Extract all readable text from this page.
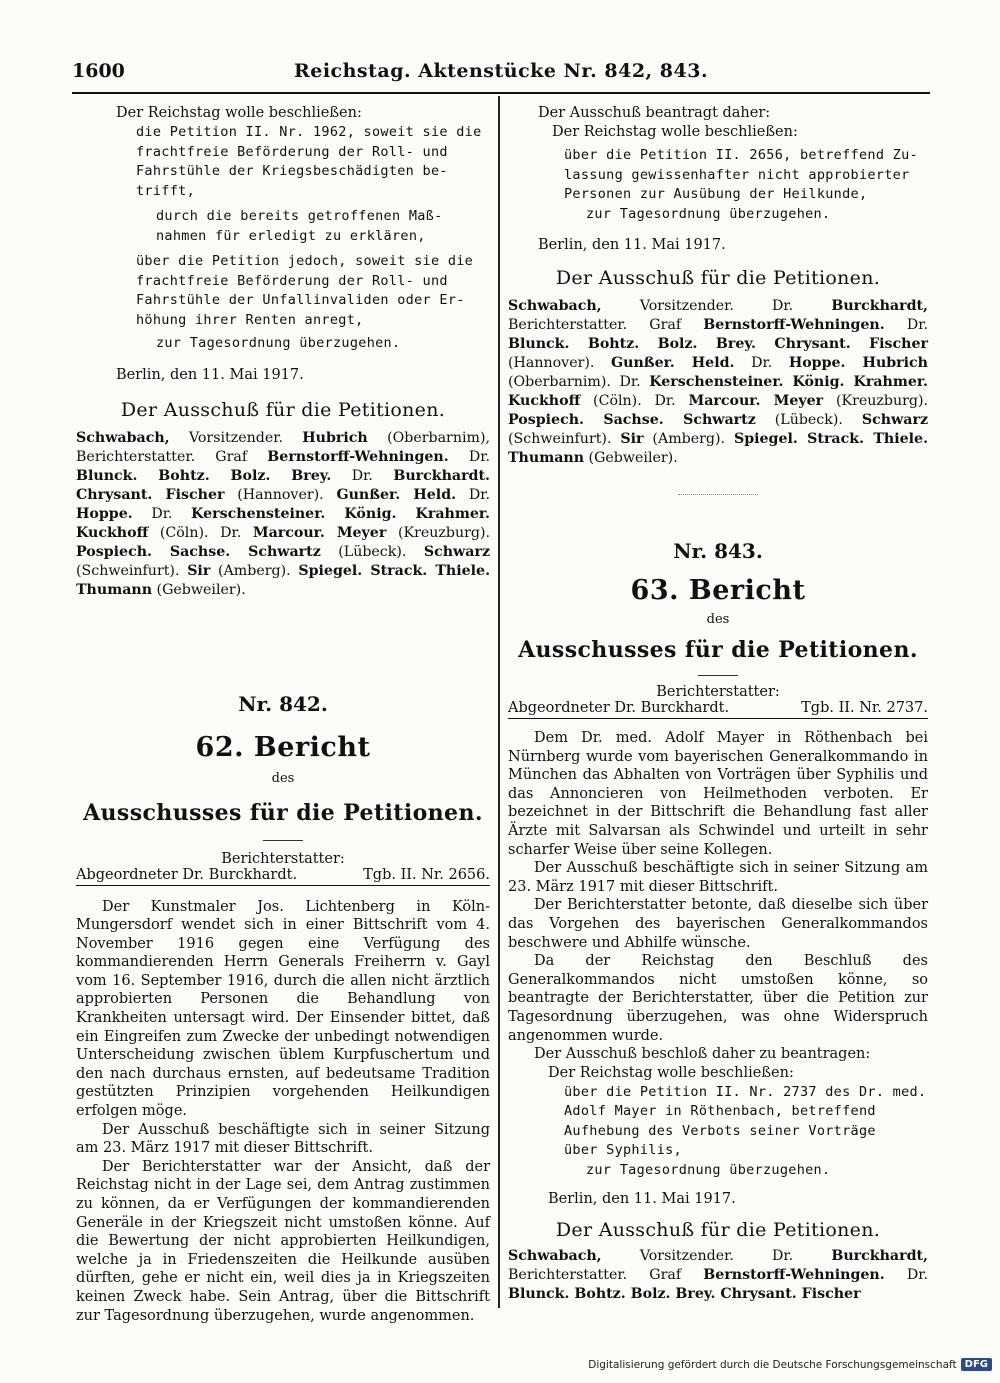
1600	Reichstag. Aktenstücke Nr. 842, 843.

Der Reichstag wolle beschließen:

die Petition II. Nr. 1962, soweit sie die
frachtfreie Beförderung der Roll- und
Fahrstühle der Kriegsbeschädigten be-
trifft,
durch die bereits getroffenen Maß-
nahmen für erledigt zu erklären,
über die Petition jedoch, soweit sie die
frachtfreie Beförderung der Roll- und
Fahrstühle der Unfallinvaliden oder Er-
höhung ihrer Renten anregt,
zur Tagesordnung überzugehen.

Berlin, den 11. Mai 1917.

Der Ausschuß für die Petitionen.

Schwabach, Vorsitzender. Hubrich (Oberbarnim), Berichterstatter. Graf Bernstorff-Wehningen. Dr. Blunck. Bohtz. Bolz. Brey. Dr. Burckhardt. Chrysant. Fischer (Hannover). Gunßer. Held. Dr. Hoppe. Dr. Kerschensteiner. König. Krahmer. Kuckhoff (Cöln). Dr. Marcour. Meyer (Kreuzburg). Pospiech. Sachse. Schwartz (Lübeck). Schwarz (Schweinfurt). Sir (Amberg). Spiegel. Strack. Thiele. Thumann (Gebweiler).

Nr. 842.

62. Bericht

des

Ausschusses für die Petitionen.

Berichterstatter:

Abgeordneter Dr. Burckhardt.	Tgb. II. Nr. 2656.

Der Kunstmaler Jos. Lichtenberg in Köln-Mungersdorf wendet sich in einer Bittschrift vom 4. November 1916 gegen eine Verfügung des kommandierenden Herrn Generals Freiherrn v. Gayl vom 16. September 1916, durch die allen nicht ärztlich approbierten Personen die Behandlung von Krankheiten untersagt wird. Der Einsender bittet, daß ein Eingreifen zum Zwecke der unbedingt notwendigen Unterscheidung zwischen üblem Kurpfuschertum und den nach durchaus ernsten, auf bedeutsame Tradition gestützten Prinzipien vorgehenden Heilkundigen erfolgen möge.

Der Ausschuß beschäftigte sich in seiner Sitzung am 23. März 1917 mit dieser Bittschrift.

Der Berichterstatter war der Ansicht, daß der Reichstag nicht in der Lage sei, dem Antrag zustimmen zu können, da er Verfügungen der kommandierenden Generäle in der Kriegszeit nicht umstoßen könne. Auf die Bewertung der nicht approbierten Heilkundigen, welche ja in Friedenszeiten die Heilkunde ausüben dürften, gehe er nicht ein, weil dies ja in Kriegszeiten keinen Zweck habe. Sein Antrag, über die Bittschrift zur Tagesordnung überzugehen, wurde angenommen.

Der Ausschuß beantragt daher:

Der Reichstag wolle beschließen:

über die Petition II. 2656, betreffend Zu-
lassung gewissenhafter nicht approbierter
Personen zur Ausübung der Heilkunde,
zur Tagesordnung überzugehen.

Berlin, den 11. Mai 1917.

Der Ausschuß für die Petitionen.

Schwabach, Vorsitzender. Dr. Burckhardt, Berichterstatter. Graf Bernstorff-Wehningen. Dr. Blunck. Bohtz. Bolz. Brey. Chrysant. Fischer (Hannover). Gunßer. Held. Dr. Hoppe. Hubrich (Oberbarnim). Dr. Kerschensteiner. König. Krahmer. Kuckhoff (Cöln). Dr. Marcour. Meyer (Kreuzburg). Pospiech. Sachse. Schwartz (Lübeck). Schwarz (Schweinfurt). Sir (Amberg). Spiegel. Strack. Thiele. Thumann (Gebweiler).

Nr. 843.

63. Bericht

des

Ausschusses für die Petitionen.

Berichterstatter:

Abgeordneter Dr. Burckhardt.	Tgb. II. Nr. 2737.

Dem Dr. med. Adolf Mayer in Röthenbach bei Nürnberg wurde vom bayerischen Generalkommando in München das Abhalten von Vorträgen über Syphilis und das Annoncieren von Heilmethoden verboten. Er bezeichnet in der Bittschrift die Behandlung fast aller Ärzte mit Salvarsan als Schwindel und urteilt in sehr scharfer Weise über seine Kollegen.

Der Ausschuß beschäftigte sich in seiner Sitzung am 23. März 1917 mit dieser Bittschrift.

Der Berichterstatter betonte, daß dieselbe sich über das Vorgehen des bayerischen Generalkommandos beschwere und Abhilfe wünsche.

Da der Reichstag den Beschluß des Generalkommandos nicht umstoßen könne, so beantragte der Berichterstatter, über die Petition zur Tagesordnung überzugehen, was ohne Widerspruch angenommen wurde.

Der Ausschuß beschloß daher zu beantragen:

Der Reichstag wolle beschließen:

über die Petition II. Nr. 2737 des Dr. med.
Adolf Mayer in Röthenbach, betreffend
Aufhebung des Verbots seiner Vorträge
über Syphilis,
zur Tagesordnung überzugehen.

Berlin, den 11. Mai 1917.

Der Ausschuß für die Petitionen.

Schwabach, Vorsitzender. Dr. Burckhardt, Berichterstatter. Graf Bernstorff-Wehningen. Dr. Blunck. Bohtz. Bolz. Brey. Chrysant. Fischer

Digitalisierung gefördert durch die Deutsche Forschungsgemeinschaft DFG
